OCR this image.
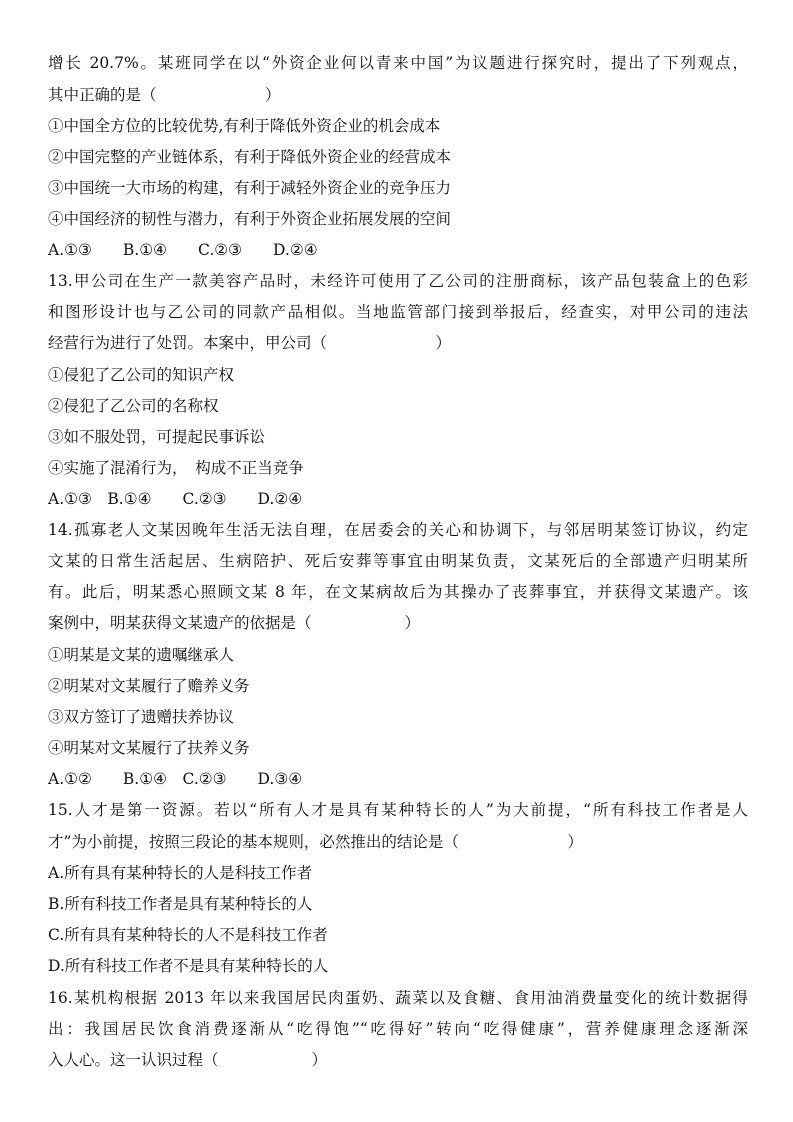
增长 20.7%。某班同学在以“外资企业何以青来中国”为议题进行探究时，提出了下列观点，
其中正确的是（　　　　　　　）
①中国全方位的比较优势,有利于降低外资企业的机会成本
②中国完整的产业链体系，有利于降低外资企业的经营成本
③中国统一大市场的构建，有利于减轻外资企业的竞争压力
④中国经济的韧性与潜力，有利于外资企业拓展发展的空间
A.①③　　B.①④　　C.②③　　D.②④
13.甲公司在生产一款美容产品时，未经许可使用了乙公司的注册商标，该产品包装盒上的色彩
和图形设计也与乙公司的同款产品相似。当地监管部门接到举报后，经查实，对甲公司的违法
经营行为进行了处罚。本案中，甲公司（　　　　　　　）
①侵犯了乙公司的知识产权
②侵犯了乙公司的名称权
③如不服处罚，可提起民事诉讼
④实施了混淆行为，　构成不正当竞争
A.①③　B.①④　　C.②③　　D.②④
14.孤寡老人文某因晚年生活无法自理，在居委会的关心和协调下，与邻居明某签订协议，约定
文某的日常生活起居、生病陪护、死后安葬等事宜由明某负责，文某死后的全部遗产归明某所
有。此后，明某悉心照顾文某 8 年，在文某病故后为其操办了丧葬事宜，并获得文某遗产。该
案例中，明某获得文某遗产的依据是（　　　　　　）
①明某是文某的遗嘱继承人
②明某对文某履行了赡养义务
③双方签订了遗赠扶养协议
④明某对文某履行了扶养义务
A.①②　　B.①④　C.②③　　D.③④
15.人才是第一资源。若以“所有人才是具有某种特长的人”为大前提，“所有科技工作者是人
才”为小前提，按照三段论的基本规则，必然推出的结论是（　　　　　　　）
A.所有具有某种特长的人是科技工作者
B.所有科技工作者是具有某种特长的人
C.所有具有某种特长的人不是科技工作者
D.所有科技工作者不是具有某种特长的人
16.某机构根据 2013 年以来我国居民肉蛋奶、蔬菜以及食糖、食用油消费量变化的统计数据得
出：我国居民饮食消费逐渐从“吃得饱”“吃得好”转向“吃得健康”，营养健康理念逐渐深
入人心。这一认识过程（　　　　　　）
